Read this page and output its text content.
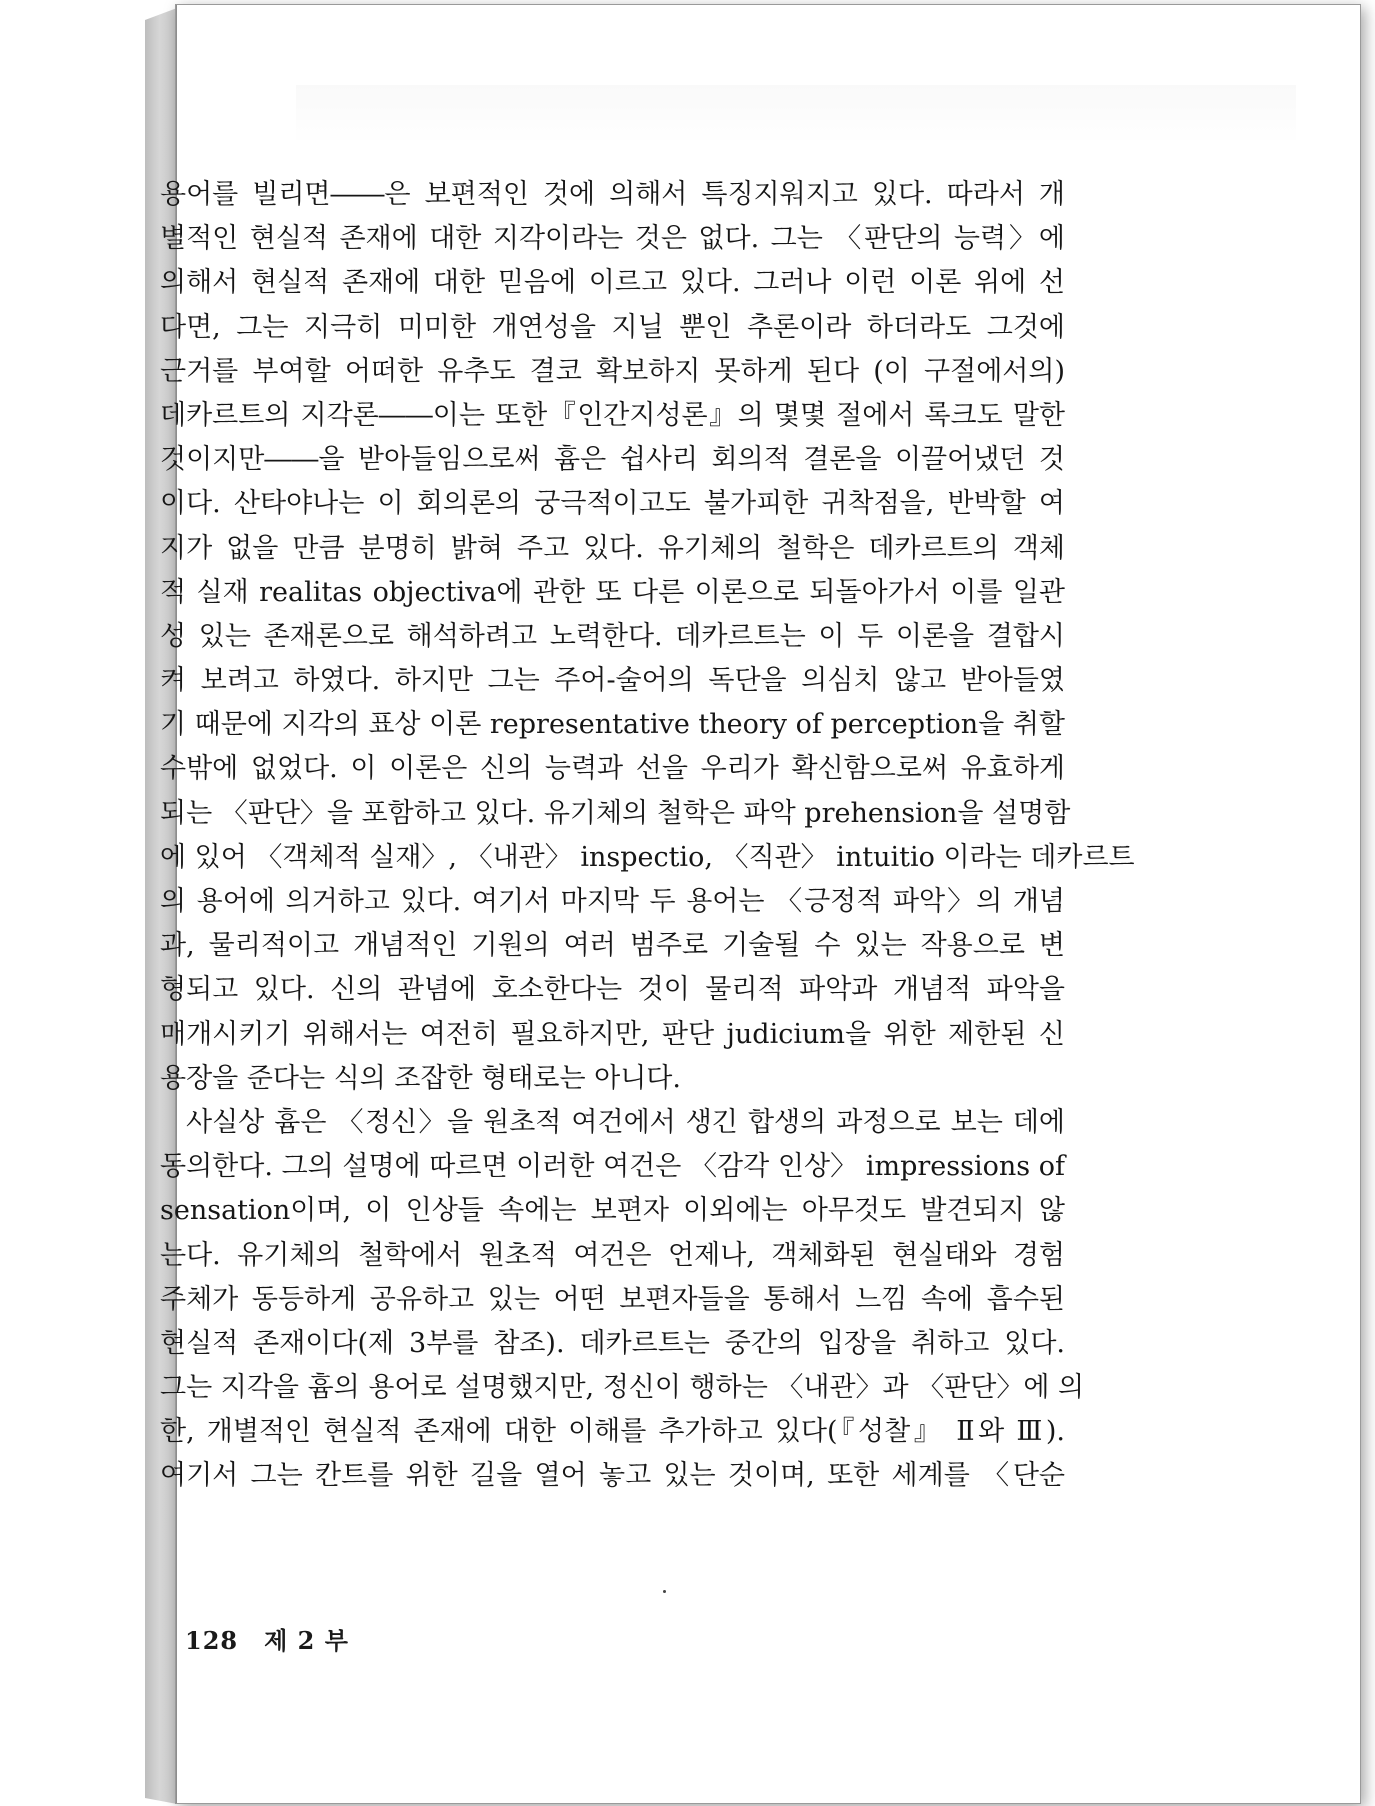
용어를 빌리면――은 보편적인 것에 의해서 특징지워지고 있다. 따라서 개
별적인 현실적 존재에 대한 지각이라는 것은 없다. 그는 〈판단의 능력〉에
의해서 현실적 존재에 대한 믿음에 이르고 있다. 그러나 이런 이론 위에 선
다면, 그는 지극히 미미한 개연성을 지닐 뿐인 추론이라 하더라도 그것에
근거를 부여할 어떠한 유추도 결코 확보하지 못하게 된다 (이 구절에서의)
데카르트의 지각론――이는 또한『인간지성론』의 몇몇 절에서 록크도 말한
것이지만――을 받아들임으로써 흄은 쉽사리 회의적 결론을 이끌어냈던 것
이다. 산타야나는 이 회의론의 궁극적이고도 불가피한 귀착점을, 반박할 여
지가 없을 만큼 분명히 밝혀 주고 있다. 유기체의 철학은 데카르트의 객체
적 실재 realitas objectiva에 관한 또 다른 이론으로 되돌아가서 이를 일관
성 있는 존재론으로 해석하려고 노력한다. 데카르트는 이 두 이론을 결합시
켜 보려고 하였다. 하지만 그는 주어-술어의 독단을 의심치 않고 받아들였
기 때문에 지각의 표상 이론 representative theory of perception을 취할
수밖에 없었다. 이 이론은 신의 능력과 선을 우리가 확신함으로써 유효하게
되는 〈판단〉을 포함하고 있다. 유기체의 철학은 파악 prehension을 설명함
에 있어 〈객체적 실재〉, 〈내관〉 inspectio, 〈직관〉 intuitio 이라는 데카르트
의 용어에 의거하고 있다. 여기서 마지막 두 용어는 〈긍정적 파악〉의 개념
과, 물리적이고 개념적인 기원의 여러 범주로 기술될 수 있는 작용으로 변
형되고 있다. 신의 관념에 호소한다는 것이 물리적 파악과 개념적 파악을
매개시키기 위해서는 여전히 필요하지만, 판단 judicium을 위한 제한된 신
용장을 준다는 식의 조잡한 형태로는 아니다.
사실상 흄은 〈정신〉을 원초적 여건에서 생긴 합생의 과정으로 보는 데에
동의한다. 그의 설명에 따르면 이러한 여건은 〈감각 인상〉 impressions of
sensation이며, 이 인상들 속에는 보편자 이외에는 아무것도 발견되지 않
는다. 유기체의 철학에서 원초적 여건은 언제나, 객체화된 현실태와 경험
주체가 동등하게 공유하고 있는 어떤 보편자들을 통해서 느낌 속에 흡수된
현실적 존재이다(제 3부를 참조). 데카르트는 중간의 입장을 취하고 있다.
그는 지각을 흄의 용어로 설명했지만, 정신이 행하는 〈내관〉과 〈판단〉에 의
한, 개별적인 현실적 존재에 대한 이해를 추가하고 있다(『성찰』 Ⅱ와 Ⅲ).
여기서 그는 칸트를 위한 길을 열어 놓고 있는 것이며, 또한 세계를 〈단순
128 제 2 부
